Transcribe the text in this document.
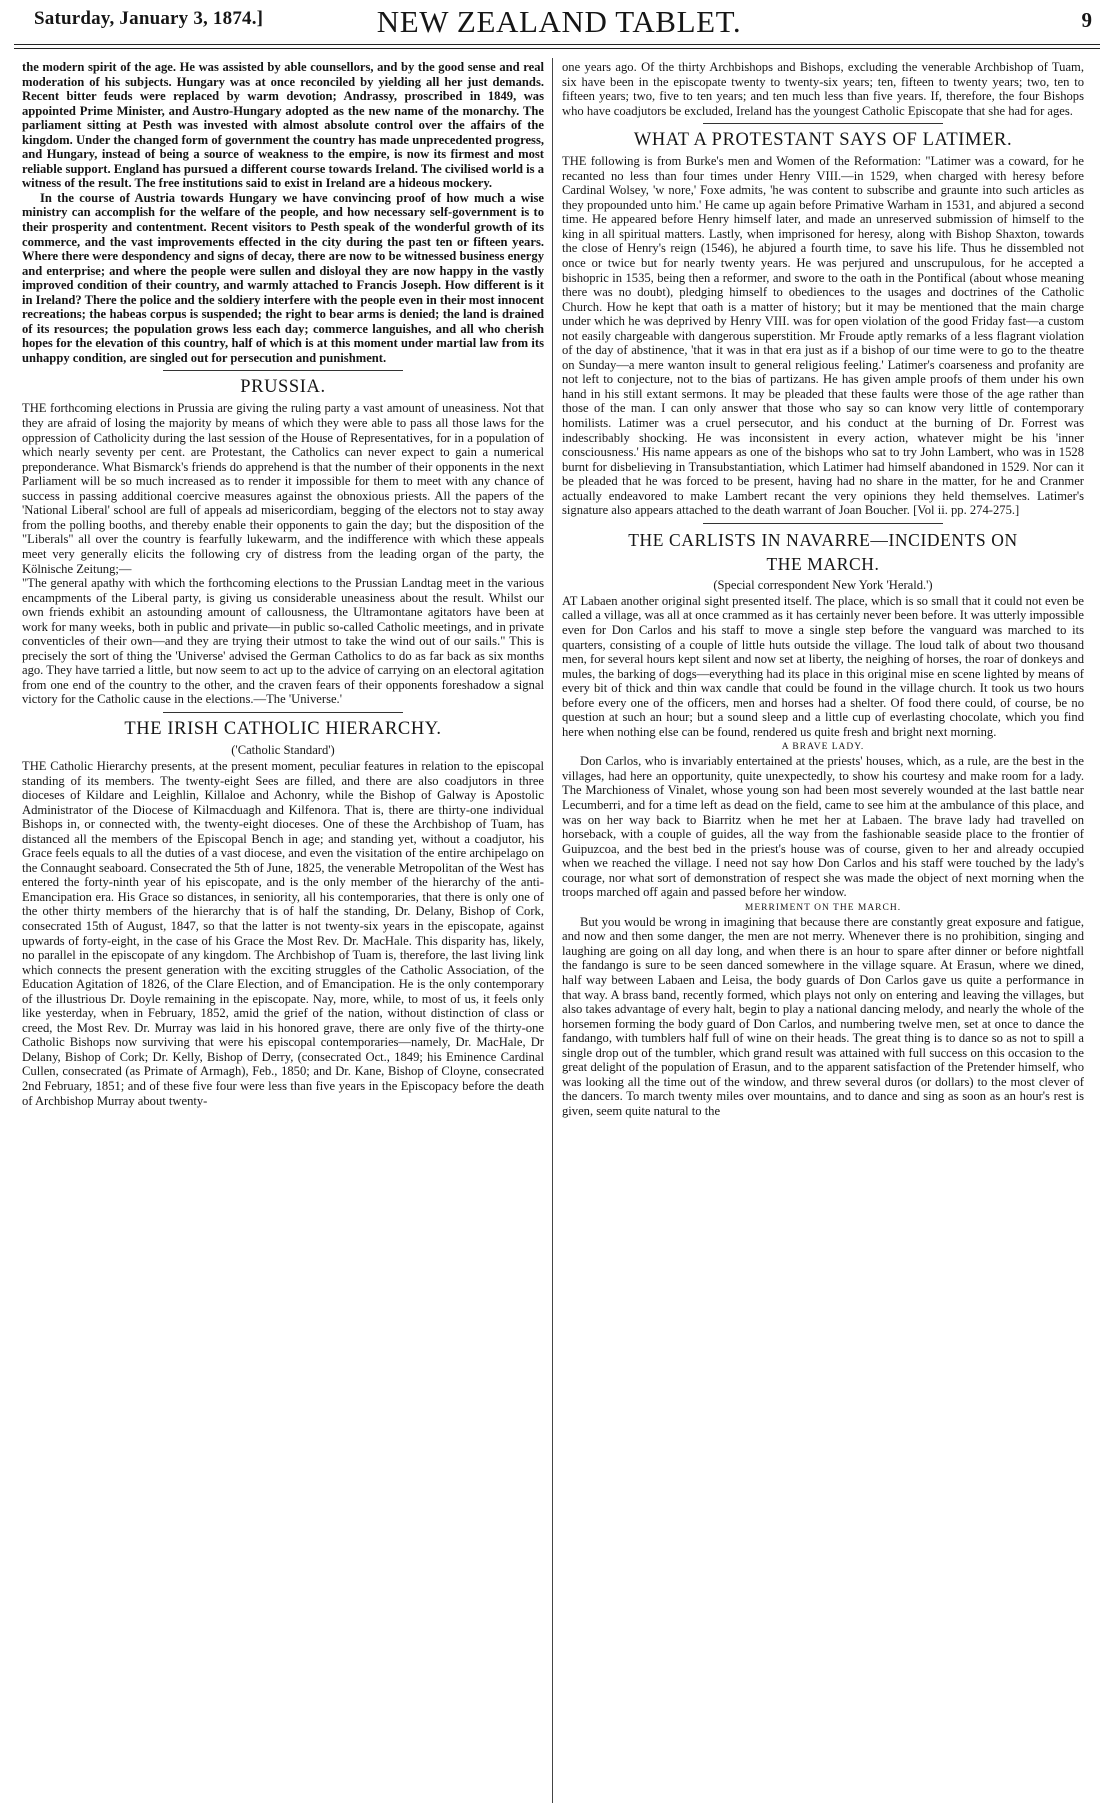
Saturday, January 3, 1874.]	NEW ZEALAND TABLET.	9

the modern spirit of the age. He was assisted by able counsellors, and by the good sense and real moderation of his subjects. Hungary was at once reconciled by yielding all her just demands. Recent bitter feuds were replaced by warm devotion; Andrassy, proscribed in 1849, was appointed Prime Minister, and Austro-Hungary adopted as the new name of the monarchy. The parliament sitting at Pesth was invested with almost absolute control over the affairs of the kingdom. Under the changed form of government the country has made unprecedented progress, and Hungary, instead of being a source of weakness to the empire, is now its firmest and most reliable support. England has pursued a different course towards Ireland. The civilised world is a witness of the result. The free institutions said to exist in Ireland are a hideous mockery.

In the course of Austria towards Hungary we have convincing proof of how much a wise ministry can accomplish for the welfare of the people, and how necessary self-government is to their prosperity and contentment. Recent visitors to Pesth speak of the wonderful growth of its commerce, and the vast improvements effected in the city during the past ten or fifteen years. Where there were despondency and signs of decay, there are now to be witnessed business energy and enterprise; and where the people were sullen and disloyal they are now happy in the vastly improved condition of their country, and warmly attached to Francis Joseph. How different is it in Ireland? There the police and the soldiery interfere with the people even in their most innocent recreations; the habeas corpus is suspended; the right to bear arms is denied; the land is drained of its resources; the population grows less each day; commerce languishes, and all who cherish hopes for the elevation of this country, half of which is at this moment under martial law from its unhappy condition, are singled out for persecution and punishment.

PRUSSIA.

THE forthcoming elections in Prussia are giving the ruling party a vast amount of uneasiness. Not that they are afraid of losing the majority by means of which they were able to pass all those laws for the oppression of Catholicity during the last session of the House of Representatives, for in a population of which nearly seventy per cent. are Protestant, the Catholics can never expect to gain a numerical preponderance. What Bismarck's friends do apprehend is that the number of their opponents in the next Parliament will be so much increased as to render it impossible for them to meet with any chance of success in passing additional coercive measures against the obnoxious priests. All the papers of the 'National Liberal' school are full of appeals ad misericordiam, begging of the electors not to stay away from the polling booths, and thereby enable their opponents to gain the day; but the disposition of the "Liberals" all over the country is fearfully lukewarm, and the indifference with which these appeals meet very generally elicits the following cry of distress from the leading organ of the party, the Kölnische Zeitung;—

"The general apathy with which the forthcoming elections to the Prussian Landtag meet in the various encampments of the Liberal party, is giving us considerable uneasiness about the result. Whilst our own friends exhibit an astounding amount of callousness, the Ultramontane agitators have been at work for many weeks, both in public and private—in public so-called Catholic meetings, and in private conventicles of their own—and they are trying their utmost to take the wind out of our sails." This is precisely the sort of thing the 'Universe' advised the German Catholics to do as far back as six months ago. They have tarried a little, but now seem to act up to the advice of carrying on an electoral agitation from one end of the country to the other, and the craven fears of their opponents foreshadow a signal victory for the Catholic cause in the elections.—The 'Universe.'

THE IRISH CATHOLIC HIERARCHY.
('Catholic Standard')

THE Catholic Hierarchy presents, at the present moment, peculiar features in relation to the episcopal standing of its members. The twenty-eight Sees are filled, and there are also coadjutors in three dioceses of Kildare and Leighlin, Killaloe and Achonry, while the Bishop of Galway is Apostolic Administrator of the Diocese of Kilmacduagh and Kilfenora. That is, there are thirty-one individual Bishops in, or connected with, the twenty-eight dioceses. One of these the Archbishop of Tuam, has distanced all the members of the Episcopal Bench in age; and standing yet, without a coadjutor, his Grace feels equals to all the duties of a vast diocese, and even the visitation of the entire archipelago on the Connaught seaboard. Consecrated the 5th of June, 1825, the venerable Metropolitan of the West has entered the forty-ninth year of his episcopate, and is the only member of the hierarchy of the anti-Emancipation era. His Grace so distances, in seniority, all his contemporaries, that there is only one of the other thirty members of the hierarchy that is of half the standing, Dr. Delany, Bishop of Cork, consecrated 15th of August, 1847, so that the latter is not twenty-six years in the episcopate, against upwards of forty-eight, in the case of his Grace the Most Rev. Dr. MacHale. This disparity has, likely, no parallel in the episcopate of any kingdom. The Archbishop of Tuam is, therefore, the last living link which connects the present generation with the exciting struggles of the Catholic Association, of the Education Agitation of 1826, of the Clare Election, and of Emancipation. He is the only contemporary of the illustrious Dr. Doyle remaining in the episcopate. Nay, more, while, to most of us, it feels only like yesterday, when in February, 1852, amid the grief of the nation, without distinction of class or creed, the Most Rev. Dr. Murray was laid in his honored grave, there are only five of the thirty-one Catholic Bishops now surviving that were his episcopal contemporaries—namely, Dr. MacHale, Dr Delany, Bishop of Cork; Dr. Kelly, Bishop of Derry, (consecrated Oct., 1849; his Eminence Cardinal Cullen, consecrated (as Primate of Armagh), Feb., 1850; and Dr. Kane, Bishop of Cloyne, consecrated 2nd February, 1851; and of these five four were less than five years in the Episcopacy before the death of Archbishop Murray about twenty-

one years ago. Of the thirty Archbishops and Bishops, excluding the venerable Archbishop of Tuam, six have been in the episcopate twenty to twenty-six years; ten, fifteen to twenty years; two, ten to fifteen years; two, five to ten years; and ten much less than five years. If, therefore, the four Bishops who have coadjutors be excluded, Ireland has the youngest Catholic Episcopate that she had for ages.

WHAT A PROTESTANT SAYS OF LATIMER.

THE following is from Burke's men and Women of the Reformation: "Latimer was a coward, for he recanted no less than four times under Henry VIII.—in 1529, when charged with heresy before Cardinal Wolsey, 'w nore,' Foxe admits, 'he was content to subscribe and graunte into such articles as they propounded unto him.' He came up again before Primative Warham in 1531, and abjured a second time. He appeared before Henry himself later, and made an unreserved submission of himself to the king in all spiritual matters. Lastly, when imprisoned for heresy, along with Bishop Shaxton, towards the close of Henry's reign (1546), he abjured a fourth time, to save his life. Thus he dissembled not once or twice but for nearly twenty years. He was perjured and unscrupulous, for he accepted a bishopric in 1535, being then a reformer, and swore to the oath in the Pontifical (about whose meaning there was no doubt), pledging himself to obediences to the usages and doctrines of the Catholic Church. How he kept that oath is a matter of history; but it may be mentioned that the main charge under which he was deprived by Henry VIII. was for open violation of the good Friday fast—a custom not easily chargeable with dangerous superstition. Mr Froude aptly remarks of a less flagrant violation of the day of abstinence, 'that it was in that era just as if a bishop of our time were to go to the theatre on Sunday—a mere wanton insult to general religious feeling.' Latimer's coarseness and profanity are not left to conjecture, not to the bias of partizans. He has given ample proofs of them under his own hand in his still extant sermons. It may be pleaded that these faults were those of the age rather than those of the man. I can only answer that those who say so can know very little of contemporary homilists. Latimer was a cruel persecutor, and his conduct at the burning of Dr. Forrest was indescribably shocking. He was inconsistent in every action, whatever might be his 'inner consciousness.' His name appears as one of the bishops who sat to try John Lambert, who was in 1528 burnt for disbelieving in Transubstantiation, which Latimer had himself abandoned in 1529. Nor can it be pleaded that he was forced to be present, having had no share in the matter, for he and Cranmer actually endeavored to make Lambert recant the very opinions they held themselves. Latimer's signature also appears attached to the death warrant of Joan Boucher. [Vol ii. pp. 274-275.]

THE CARLISTS IN NAVARRE—INCIDENTS ON
THE MARCH.
(Special correspondent New York 'Herald.')

AT Labaen another original sight presented itself. The place, which is so small that it could not even be called a village, was all at once crammed as it has certainly never been before. It was utterly impossible even for Don Carlos and his staff to move a single step before the vanguard was marched to its quarters, consisting of a couple of little huts outside the village. The loud talk of about two thousand men, for several hours kept silent and now set at liberty, the neighing of horses, the roar of donkeys and mules, the barking of dogs—everything had its place in this original mise en scene lighted by means of every bit of thick and thin wax candle that could be found in the village church. It took us two hours before every one of the officers, men and horses had a shelter. Of food there could, of course, be no question at such an hour; but a sound sleep and a little cup of everlasting chocolate, which you find here when nothing else can be found, rendered us quite fresh and bright next morning.

A BRAVE LADY.

Don Carlos, who is invariably entertained at the priests' houses, which, as a rule, are the best in the villages, had here an opportunity, quite unexpectedly, to show his courtesy and make room for a lady. The Marchioness of Vinalet, whose young son had been most severely wounded at the last battle near Lecumberri, and for a time left as dead on the field, came to see him at the ambulance of this place, and was on her way back to Biarritz when he met her at Labaen. The brave lady had travelled on horseback, with a couple of guides, all the way from the fashionable seaside place to the frontier of Guipuzcoa, and the best bed in the priest's house was of course, given to her and already occupied when we reached the village. I need not say how Don Carlos and his staff were touched by the lady's courage, nor what sort of demonstration of respect she was made the object of next morning when the troops marched off again and passed before her window.

MERRIMENT ON THE MARCH.

But you would be wrong in imagining that because there are constantly great exposure and fatigue, and now and then some danger, the men are not merry. Whenever there is no prohibition, singing and laughing are going on all day long, and when there is an hour to spare after dinner or before nightfall the fandango is sure to be seen danced somewhere in the village square. At Erasun, where we dined, half way between Labaen and Leisa, the body guards of Don Carlos gave us quite a performance in that way. A brass band, recently formed, which plays not only on entering and leaving the villages, but also takes advantage of every halt, begin to play a national dancing melody, and nearly the whole of the horsemen forming the body guard of Don Carlos, and numbering twelve men, set at once to dance the fandango, with tumblers half full of wine on their heads. The great thing is to dance so as not to spill a single drop out of the tumbler, which grand result was attained with full success on this occasion to the great delight of the population of Erasun, and to the apparent satisfaction of the Pretender himself, who was looking all the time out of the window, and threw several duros (or dollars) to the most clever of the dancers. To march twenty miles over mountains, and to dance and sing as soon as an hour's rest is given, seem quite natural to the
